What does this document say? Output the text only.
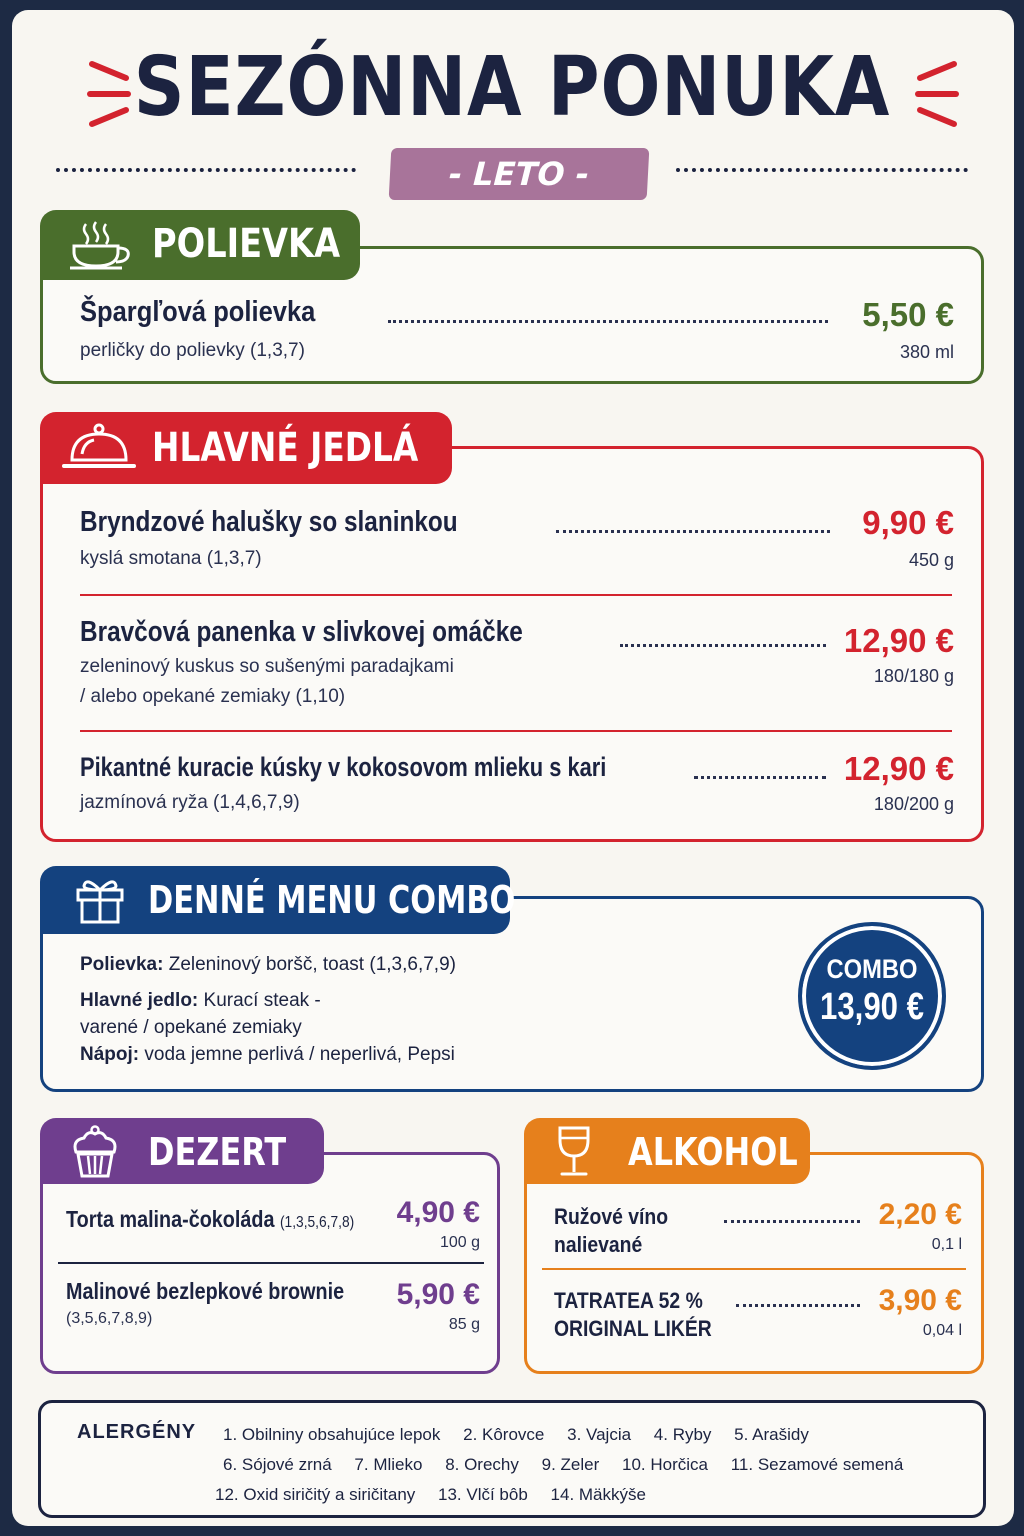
SEZÓNNA PONUKA
- LETO -
POLIEVKA
Špargľová polievka
perličky do polievky (1,3,7)
5,50 €
380 ml
HLAVNÉ JEDLÁ
Bryndzové halušky so slaninkou
kyslá smotana (1,3,7)
9,90 €
450 g
Bravčová panenka v slivkovej omáčke
zeleninový kuskus so sušenými paradajkami
/ alebo opekané zemiaky (1,10)
12,90 €
180/180 g
Pikantné kuracie kúsky v kokosovom mlieku s kari
jazmínová ryža (1,4,6,7,9)
12,90 €
180/200 g
DENNÉ MENU COMBO
Polievka: Zeleninový boršč, toast (1,3,6,7,9)
Hlavné jedlo: Kurací steak -
varené / opekané zemiaky
Nápoj: voda jemne perlivá / neperlivá, Pepsi
COMBO
13,90 €
DEZERT
Torta malina-čokoláda (1,3,5,6,7,8)	4,90 €
100 g
Malinové bezlepkové brownie
(3,5,6,7,8,9)
5,90 €
85 g
ALKOHOL
Ružové víno
nalievané
2,20 €
0,1 l
TATRATEA 52 %
ORIGINAL LIKÉR
3,90 €
0,04 l
ALERGÉNY 1. Obilniny obsahujúce lepok 2. Kôrovce 3. Vajcia 4. Ryby 5. Arašidy
6. Sójové zrná 7. Mlieko 8. Orechy 9. Zeler 10. Horčica 11. Sezamové semená
12. Oxid siričitý a siričitany 13. Vlčí bôb 14. Mäkkýše
